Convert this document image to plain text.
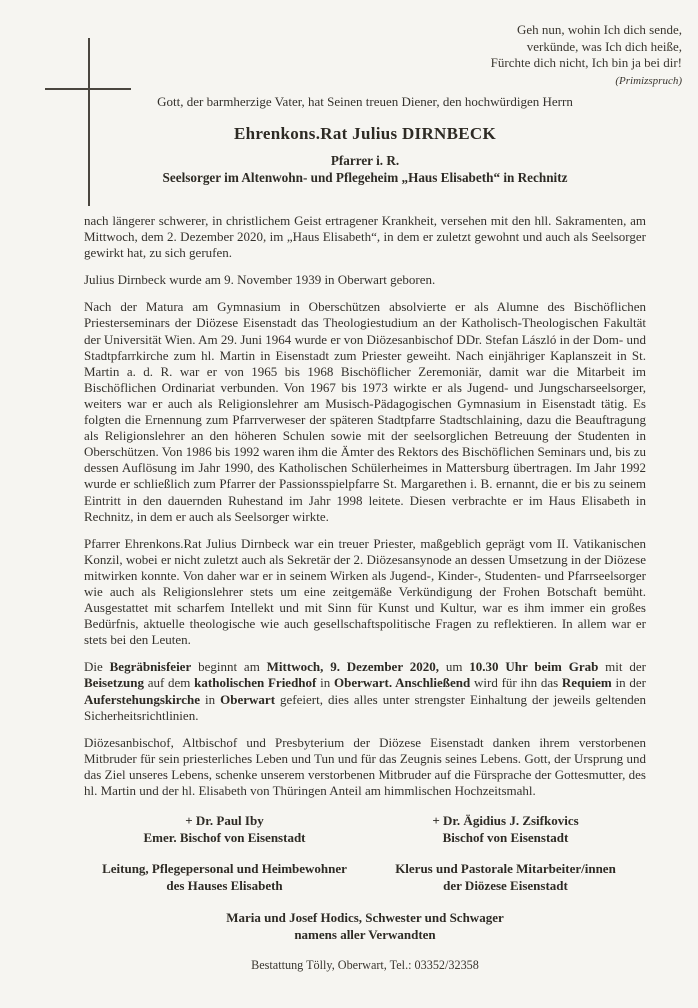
Geh nun, wohin Ich dich sende,
verkünde, was Ich dich heiße,
Fürchte dich nicht, Ich bin ja bei dir!
(Primizspruch)
Gott, der barmherzige Vater, hat Seinen treuen Diener, den hochwürdigen Herrn
Ehrenkons.Rat Julius DIRNBECK
Pfarrer i. R.
Seelsorger im Altenwohn- und Pflegeheim „Haus Elisabeth“ in Rechnitz

nach längerer schwerer, in christlichem Geist ertragener Krankheit, versehen mit den hll. Sakramenten, am Mittwoch, dem 2. Dezember 2020, im „Haus Elisabeth“, in dem er zuletzt gewohnt und auch als Seelsorger gewirkt hat, zu sich gerufen.

Julius Dirnbeck wurde am 9. November 1939 in Oberwart geboren.

Nach der Matura am Gymnasium in Oberschützen absolvierte er als Alumne des Bischöflichen Priesterseminars der Diözese Eisenstadt das Theologiestudium an der Katholisch-Theologischen Fakultät der Universität Wien. Am 29. Juni 1964 wurde er von Diözesanbischof DDr. Stefan László in der Dom- und Stadtpfarrkirche zum hl. Martin in Eisenstadt zum Priester geweiht. Nach einjähriger Kaplanszeit in St. Martin a. d. R. war er von 1965 bis 1968 Bischöflicher Zeremoniär, damit war die Mitarbeit im Bischöflichen Ordinariat verbunden. Von 1967 bis 1973 wirkte er als Jugend- und Jungscharseelsorger, weiters war er auch als Religionslehrer am Musisch-Pädagogischen Gymnasium in Eisenstadt tätig. Es folgten die Ernennung zum Pfarrverweser der späteren Stadtpfarre Stadtschlaining, dazu die Beauftragung als Religionslehrer an den höheren Schulen sowie mit der seelsorglichen Betreuung der Studenten in Oberschützen. Von 1986 bis 1992 waren ihm die Ämter des Rektors des Bischöflichen Seminars und, bis zu dessen Auflösung im Jahr 1990, des Katholischen Schülerheimes in Mattersburg übertragen. Im Jahr 1992 wurde er schließlich zum Pfarrer der Passionsspielpfarre St. Margarethen i. B. ernannt, die er bis zu seinem Eintritt in den dauernden Ruhestand im Jahr 1998 leitete. Diesen verbrachte er im Haus Elisabeth in Rechnitz, in dem er auch als Seelsorger wirkte.

Pfarrer Ehrenkons.Rat Julius Dirnbeck war ein treuer Priester, maßgeblich geprägt vom II. Vatikanischen Konzil, wobei er nicht zuletzt auch als Sekretär der 2. Diözesansynode an dessen Umsetzung in der Diözese mitwirken konnte. Von daher war er in seinem Wirken als Jugend-, Kinder-, Studenten- und Pfarrseelsorger wie auch als Religionslehrer stets um eine zeitgemäße Verkündigung der Frohen Botschaft bemüht. Ausgestattet mit scharfem Intellekt und mit Sinn für Kunst und Kultur, war es ihm immer ein großes Bedürfnis, aktuelle theologische wie auch gesellschaftspolitische Fragen zu reflektieren. In allem war er stets bei den Leuten.

Die Begräbnisfeier beginnt am Mittwoch, 9. Dezember 2020, um 10.30 Uhr beim Grab mit der Beisetzung auf dem katholischen Friedhof in Oberwart. Anschließend wird für ihn das Requiem in der Auferstehungskirche in Oberwart gefeiert, dies alles unter strengster Einhaltung der jeweils geltenden Sicherheitsrichtlinien.

Diözesanbischof, Altbischof und Presbyterium der Diözese Eisenstadt danken ihrem verstorbenen Mitbruder für sein priesterliches Leben und Tun und für das Zeugnis seines Lebens. Gott, der Ursprung und das Ziel unseres Lebens, schenke unserem verstorbenen Mitbruder auf die Fürsprache der Gottesmutter, des hl. Martin und der hl. Elisabeth von Thüringen Anteil am himmlischen Hochzeitsmahl.

+ Dr. Paul Iby
Emer. Bischof von Eisenstadt
Leitung, Pflegepersonal und Heimbewohner
des Hauses Elisabeth
+ Dr. Ägidius J. Zsifkovics
Bischof von Eisenstadt
Klerus und Pastorale Mitarbeiter/innen
der Diözese Eisenstadt
Maria und Josef Hodics, Schwester und Schwager
namens aller Verwandten
Bestattung Tölly, Oberwart, Tel.: 03352/32358
